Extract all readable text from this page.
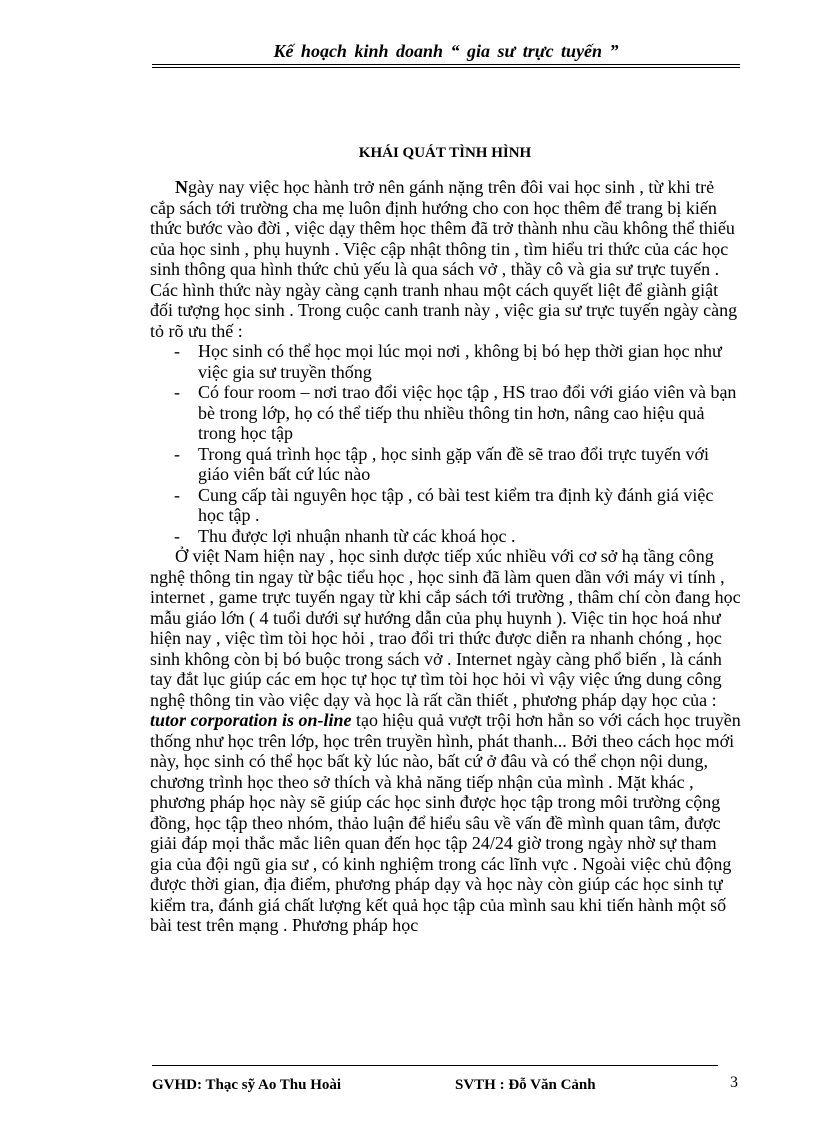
Kế hoạch kinh doanh “ gia sư trực tuyến ”
KHÁI QUÁT TÌNH HÌNH

Ngày nay việc học hành trở nên gánh nặng trên đôi vai học sinh , từ khi trẻ cắp sách tới trường cha mẹ luôn định hướng cho con học thêm để trang bị kiến thức bước vào đời , việc dạy thêm học thêm đã trở thành nhu cầu không thể thiếu của học sinh , phụ huynh . Việc cập nhật thông tin , tìm hiểu tri thức của các học sinh thông qua hình thức chủ yếu là qua sách vở , thầy cô và gia sư trực tuyến . Các hình thức này ngày càng cạnh tranh nhau một cách quyết liệt để giành giật đối tượng học sinh . Trong cuộc canh tranh này , việc gia sư trực tuyến ngày càng tỏ rõ ưu thế :

- Học sinh có thể học mọi lúc mọi nơi , không bị bó hẹp thời gian học như việc gia sư truyền thống
- Có four room – nơi trao đổi việc học tập , HS trao đổi với giáo viên và bạn bè trong lớp, họ có thể tiếp thu nhiều thông tin hơn, nâng cao hiệu quả trong học tập
- Trong quá trình học tập , học sinh gặp vấn đề sẽ trao đổi trực tuyến với giáo viên bất cứ lúc nào
- Cung cấp tài nguyên học tập , có bài test kiểm tra định kỳ đánh giá việc học tập .
- Thu được lợi nhuận nhanh từ các khoá học .

Ở việt Nam hiện nay , học sinh dược tiếp xúc nhiều với cơ sở hạ tầng công nghệ thông tin ngay từ bậc tiểu học , học sinh đã làm quen dần với máy vi tính , internet , game trực tuyến ngay từ khi cắp sách tới trường , thâm chí còn đang học mẫu giáo lớn ( 4 tuổi dưới sự hướng dẫn của phụ huynh ). Việc tin học hoá như hiện nay , việc tìm tòi học hỏi , trao đổi tri thức được diễn ra nhanh chóng , học sinh không còn bị bó buộc trong sách vở . Internet ngày càng phổ biến , là cánh tay đắt lục giúp các em học tự học tự tìm tòi học hỏi vì vậy việc ứng dung công nghệ thông tin vào việc dạy và học là rất cần thiết , phương pháp dạy học của : tutor corporation is on-line tạo hiệu quả vượt trội hơn hẳn so với cách học truyền thống như học trên lớp, học trên truyền hình, phát thanh... Bởi theo cách học mới này, học sinh có thể học bất kỳ lúc nào, bất cứ ở đâu và có thể chọn nội dung, chương trình học theo sở thích và khả năng tiếp nhận của mình . Mặt khác , phương pháp học này sẽ giúp các học sinh được học tập trong môi trường cộng đồng, học tập theo nhóm, thảo luận để hiểu sâu về vấn đề mình quan tâm, được giải đáp mọi thắc mắc liên quan đến học tập 24/24 giờ trong ngày nhờ sự tham gia của đội ngũ gia sư , có kinh nghiệm trong các lĩnh vực . Ngoài việc chủ động được thời gian, địa điểm, phương pháp dạy và học này còn giúp các học sinh tự kiểm tra, đánh giá chất lượng kết quả học tập của mình sau khi tiến hành một số bài test trên mạng . Phương pháp học

GVHD: Thạc sỹ Ao Thu Hoài	SVTH : Đỗ Văn Cảnh	3
